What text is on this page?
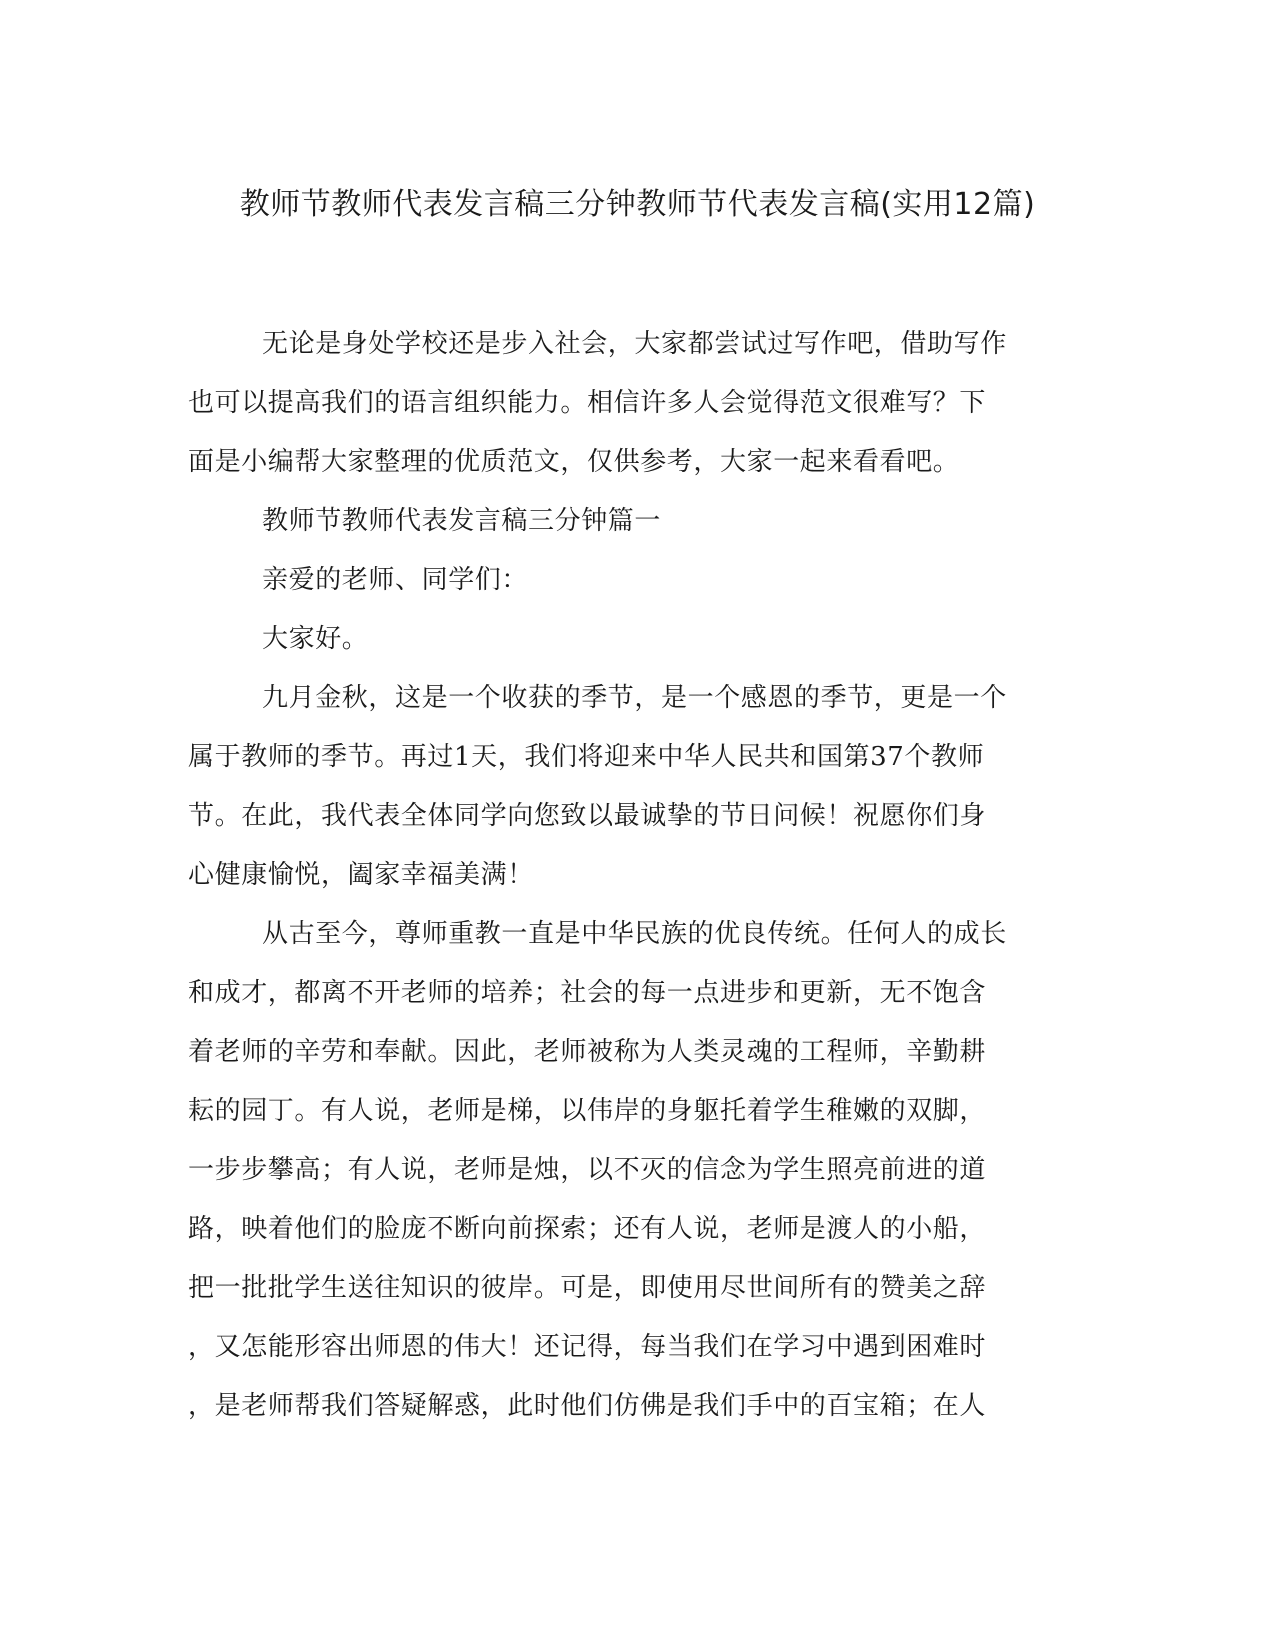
教师节教师代表发言稿三分钟教师节代表发言稿(实用12篇)
无论是身处学校还是步入社会，大家都尝试过写作吧，借助写作
也可以提高我们的语言组织能力。相信许多人会觉得范文很难写？下
面是小编帮大家整理的优质范文，仅供参考，大家一起来看看吧。
教师节教师代表发言稿三分钟篇一
亲爱的老师、同学们：
大家好。
九月金秋，这是一个收获的季节，是一个感恩的季节，更是一个
属于教师的季节。再过1天，我们将迎来中华人民共和国第37个教师
节。在此，我代表全体同学向您致以最诚挚的节日问候！祝愿你们身
心健康愉悦，阖家幸福美满！
从古至今，尊师重教一直是中华民族的优良传统。任何人的成长
和成才，都离不开老师的培养；社会的每一点进步和更新，无不饱含
着老师的辛劳和奉献。因此，老师被称为人类灵魂的工程师，辛勤耕
耘的园丁。有人说，老师是梯，以伟岸的身躯托着学生稚嫩的双脚，
一步步攀高；有人说，老师是烛，以不灭的信念为学生照亮前进的道
路，映着他们的脸庞不断向前探索；还有人说，老师是渡人的小船，
把一批批学生送往知识的彼岸。可是，即使用尽世间所有的赞美之辞
，又怎能形容出师恩的伟大！还记得，每当我们在学习中遇到困难时
，是老师帮我们答疑解惑，此时他们仿佛是我们手中的百宝箱；在人
